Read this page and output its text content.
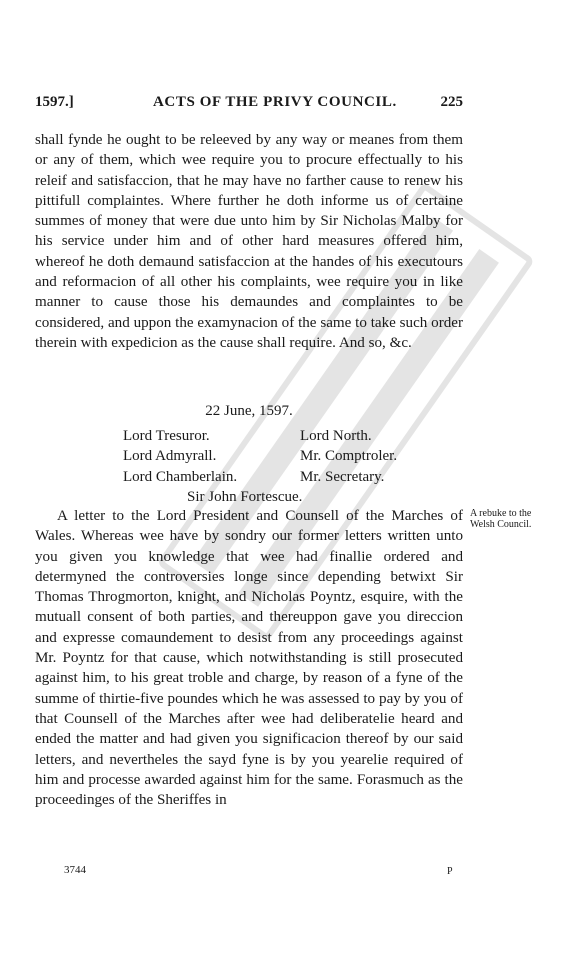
1597.]	ACTS OF THE PRIVY COUNCIL.	225

shall fynde he ought to be releeved by any way or meanes from them or any of them, which wee require you to procure effectually to his releif and satisfaccion, that he may have no farther cause to renew his pittifull complaintes. Where further he doth informe us of certaine summes of money that were due unto him by Sir Nicholas Malby for his service under him and of other hard measures offered him, whereof he doth demaund satisfaccion at the handes of his executours and reformacion of all other his complaints, wee require you in like manner to cause those his demaundes and complaintes to be considered, and uppon the examynacion of the same to take such order therein with expedicion as the cause shall require. And so, &c.

22 June, 1597.
Lord Tresuror.	Lord North.
Lord Admyrall.	Mr. Comptroler.
Lord Chamberlain.	Mr. Secretary.
Sir John Fortescue.

A letter to the Lord President and Counsell of the Marches of Wales. Whereas wee have by sondry our former letters written unto you given you knowledge that wee had finallie ordered and determyned the controversies longe since depending betwixt Sir Thomas Throgmorton, knight, and Nicholas Poyntz, esquire, with the mutuall consent of both parties, and thereuppon gave you direccion and expresse comaundement to desist from any proceedings against Mr. Poyntz for that cause, which notwithstanding is still prosecuted against him, to his great troble and charge, by reason of a fyne of the summe of thirtie-five poundes which he was assessed to pay by you of that Counsell of the Marches after wee had deliberatelie heard and ended the matter and had given you significacion thereof by our said letters, and nevertheles the sayd fyne is by you yearelie required of him and processe awarded against him for the same. Forasmuch as the proceedinges of the Sheriffes in

A rebuke to the Welsh Council.
3744	P
